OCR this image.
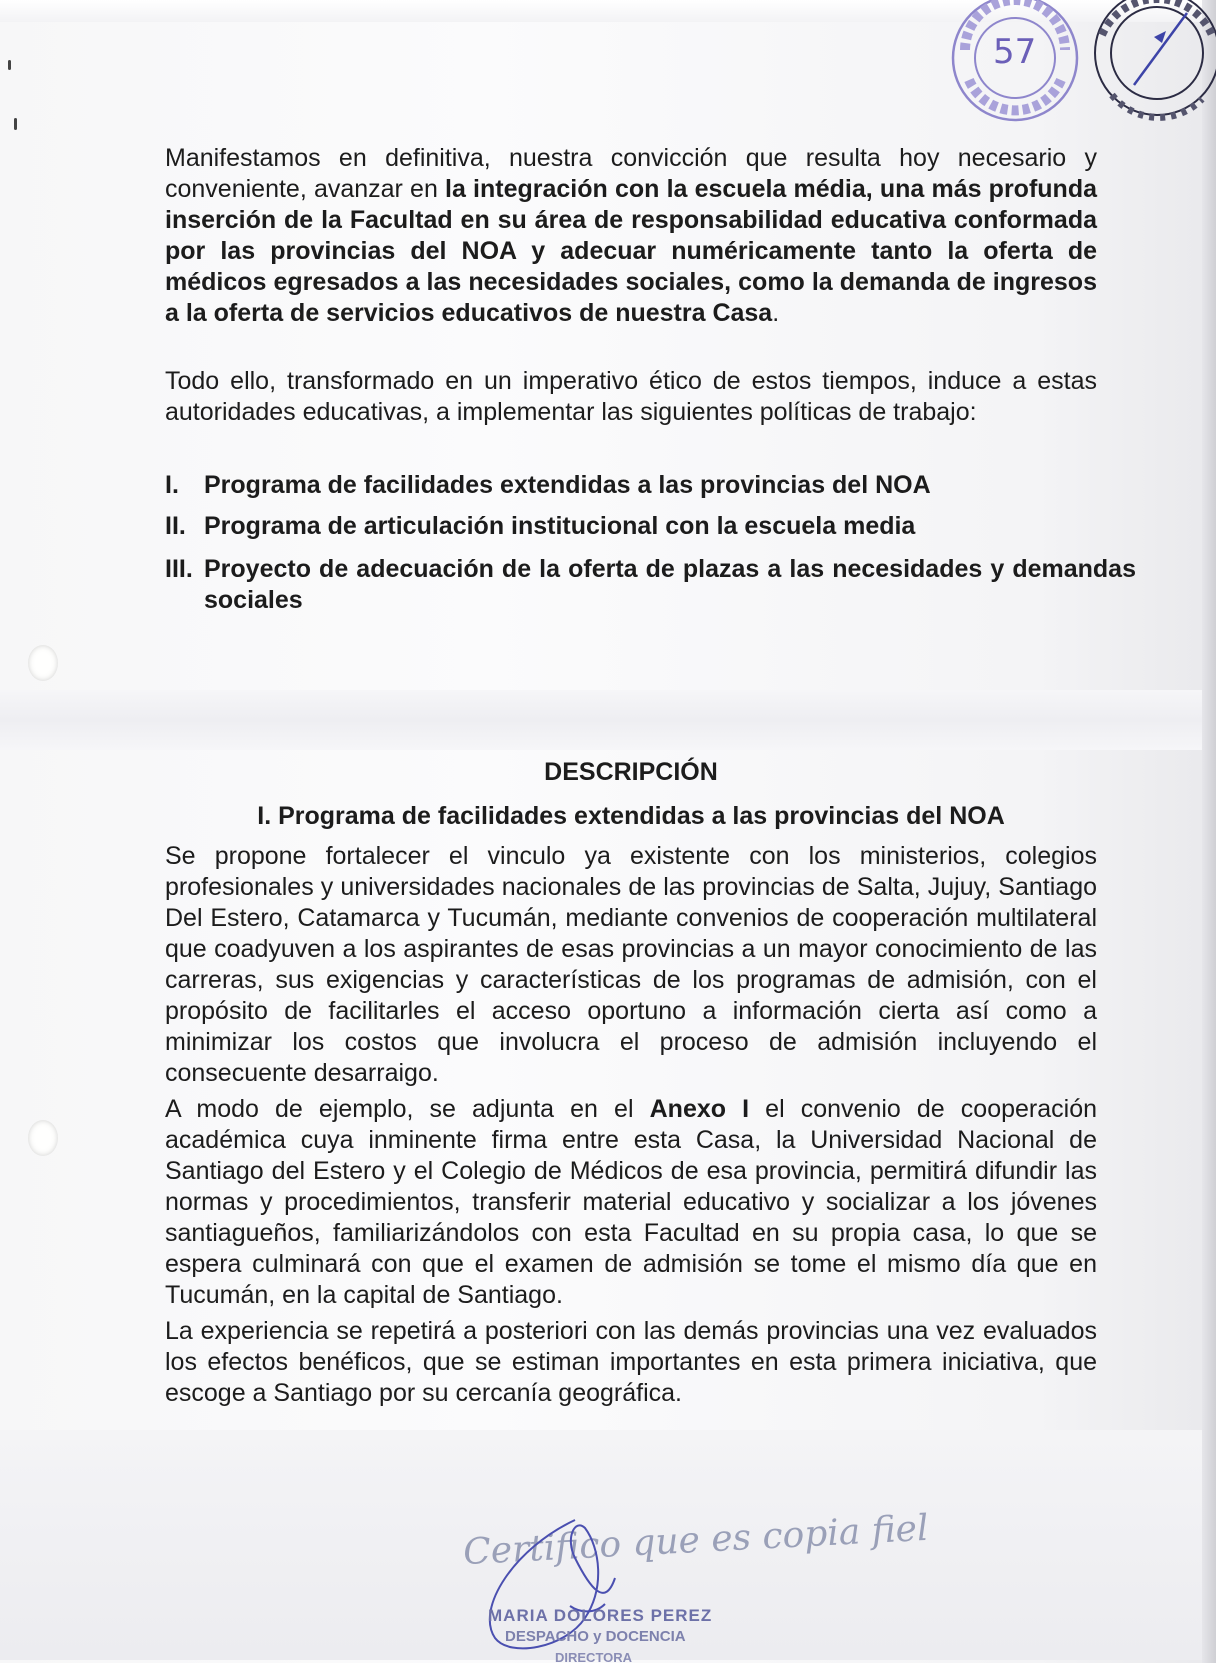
57

Manifestamos en definitiva, nuestra convicción que resulta hoy necesario y conveniente, avanzar en la integración con la escuela média, una más profunda inserción de la Facultad en su área de responsabilidad educativa conformada por las provincias del NOA y adecuar numéricamente tanto la oferta de médicos egresados a las necesidades sociales, como la demanda de ingresos a la oferta de servicios educativos de nuestra Casa.

Todo ello, transformado en un imperativo ético de estos tiempos, induce a estas autoridades educativas, a implementar las siguientes políticas de trabajo:

I. Programa de facilidades extendidas a las provincias del NOA
II. Programa de articulación institucional con la escuela media
III. Proyecto de adecuación de la oferta de plazas a las necesidades y demandas sociales
DESCRIPCIÓN
I. Programa de facilidades extendidas a las provincias del NOA

Se propone fortalecer el vinculo ya existente con los ministerios, colegios profesionales y universidades nacionales de las provincias de Salta, Jujuy, Santiago Del Estero, Catamarca y Tucumán, mediante convenios de cooperación multilateral que coadyuven a los aspirantes de esas provincias a un mayor conocimiento de las carreras, sus exigencias y características de los programas de admisión, con el propósito de facilitarles el acceso oportuno a información cierta así como a minimizar los costos que involucra el proceso de admisión incluyendo el consecuente desarraigo.

A modo de ejemplo, se adjunta en el Anexo I el convenio de cooperación académica cuya inminente firma entre esta Casa, la Universidad Nacional de Santiago del Estero y el Colegio de Médicos de esa provincia, permitirá difundir las normas y procedimientos, transferir material educativo y socializar a los jóvenes santiagueños, familiarizándolos con esta Facultad en su propia casa, lo que se espera culminará con que el examen de admisión se tome el mismo día que en Tucumán, en la capital de Santiago.

La experiencia se repetirá a posteriori con las demás provincias una vez evaluados los efectos benéficos, que se estiman importantes en esta primera iniciativa, que escoge a Santiago por su cercanía geográfica.

Certifico que es copia fiel
MARIA DOLORES PEREZ
DESPACHO y DOCENCIA
DIRECTORA
